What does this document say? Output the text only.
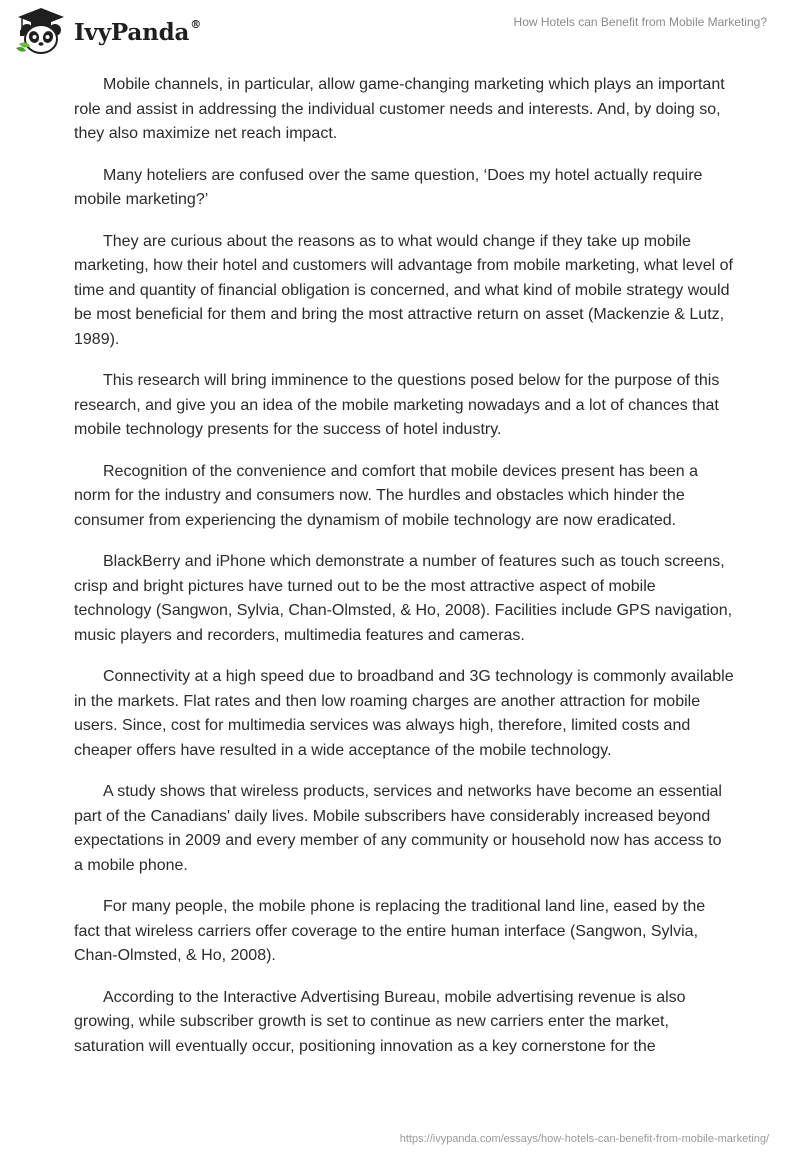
IvyPanda®	How Hotels can Benefit from Mobile Marketing?

Mobile channels, in particular, allow game-changing marketing which plays an important role and assist in addressing the individual customer needs and interests. And, by doing so, they also maximize net reach impact.

Many hoteliers are confused over the same question, ‘Does my hotel actually require mobile marketing?’

They are curious about the reasons as to what would change if they take up mobile marketing, how their hotel and customers will advantage from mobile marketing, what level of time and quantity of financial obligation is concerned, and what kind of mobile strategy would be most beneficial for them and bring the most attractive return on asset (Mackenzie & Lutz, 1989).

This research will bring imminence to the questions posed below for the purpose of this research, and give you an idea of the mobile marketing nowadays and a lot of chances that mobile technology presents for the success of hotel industry.

Recognition of the convenience and comfort that mobile devices present has been a norm for the industry and consumers now. The hurdles and obstacles which hinder the consumer from experiencing the dynamism of mobile technology are now eradicated.

BlackBerry and iPhone which demonstrate a number of features such as touch screens, crisp and bright pictures have turned out to be the most attractive aspect of mobile technology (Sangwon, Sylvia, Chan-Olmsted, & Ho, 2008). Facilities include GPS navigation, music players and recorders, multimedia features and cameras.

Connectivity at a high speed due to broadband and 3G technology is commonly available in the markets. Flat rates and then low roaming charges are another attraction for mobile users. Since, cost for multimedia services was always high, therefore, limited costs and cheaper offers have resulted in a wide acceptance of the mobile technology.

A study shows that wireless products, services and networks have become an essential part of the Canadians' daily lives. Mobile subscribers have considerably increased beyond expectations in 2009 and every member of any community or household now has access to a mobile phone.

For many people, the mobile phone is replacing the traditional land line, eased by the fact that wireless carriers offer coverage to the entire human interface (Sangwon, Sylvia, Chan-Olmsted, & Ho, 2008).

According to the Interactive Advertising Bureau, mobile advertising revenue is also growing, while subscriber growth is set to continue as new carriers enter the market, saturation will eventually occur, positioning innovation as a key cornerstone for the

https://ivypanda.com/essays/how-hotels-can-benefit-from-mobile-marketing/
